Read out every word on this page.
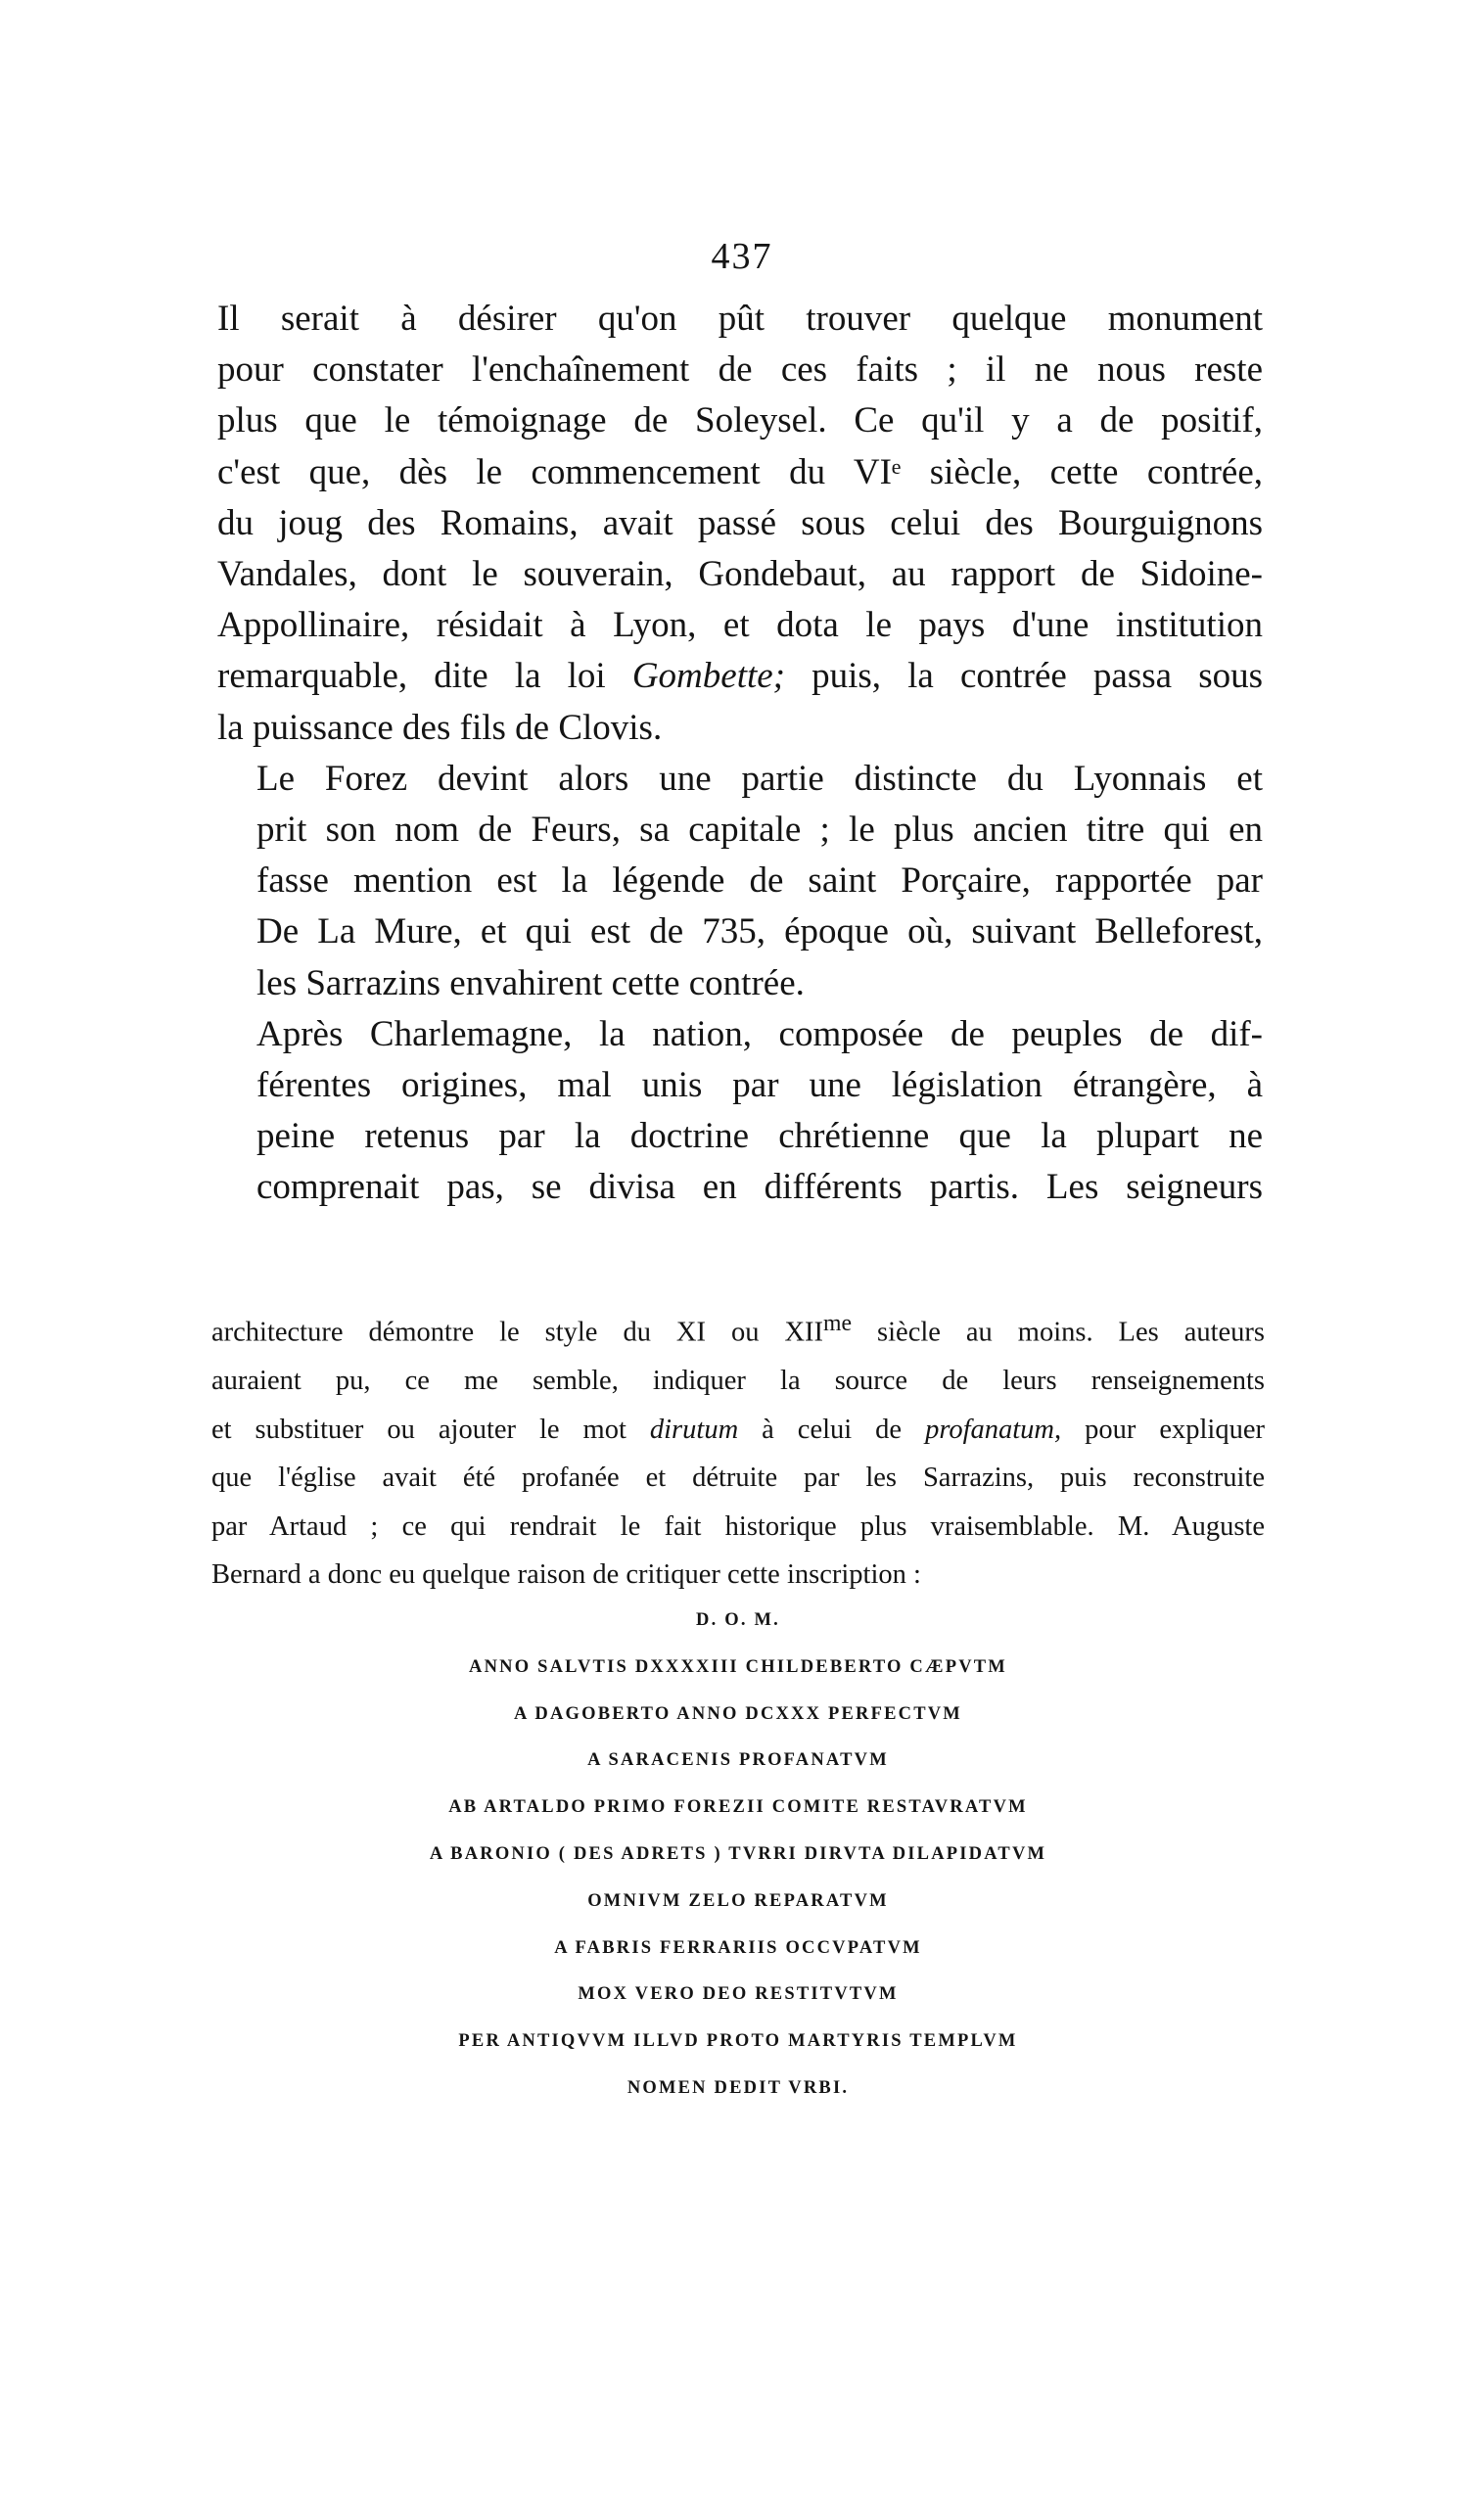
437

Il serait à désirer qu'on pût trouver quelque monument
pour constater l'enchaînement de ces faits ; il ne nous reste
plus que le témoignage de Soleysel. Ce qu'il y a de positif,
c'est que, dès le commencement du VIᵉ siècle, cette contrée,
du joug des Romains, avait passé sous celui des Bourguignons
Vandales, dont le souverain, Gondebaut, au rapport de Sidoine-
Appollinaire, résidait à Lyon, et dota le pays d'une institution
remarquable, dite la loi Gombette; puis, la contrée passa sous
la puissance des fils de Clovis.

Le Forez devint alors une partie distincte du Lyonnais et
prit son nom de Feurs, sa capitale ; le plus ancien titre qui en
fasse mention est la légende de saint Porçaire, rapportée par
De La Mure, et qui est de 735, époque où, suivant Belleforest,
les Sarrazins envahirent cette contrée.

Après Charlemagne, la nation, composée de peuples de dif-
férentes origines, mal unis par une législation étrangère, à
peine retenus par la doctrine chrétienne que la plupart ne
comprenait pas, se divisa en différents partis. Les seigneurs

architecture démontre le style du XI ou $XII^{me}$ siècle au moins. Les auteurs
auraient pu, ce me semble, indiquer la source de leurs renseignements
et substituer ou ajouter le mot dirutum à celui de profanatum, pour expliquer
que l'église avait été profanée et détruite par les Sarrazins, puis reconstruite
par Artaud ; ce qui rendrait le fait historique plus vraisemblable. M. Auguste
Bernard a donc eu quelque raison de critiquer cette inscription :
D. O. M.
ANNO SALVTIS DXXXXIII CHILDEBERTO CÆPVTM
A DAGOBERTO ANNO DCXXX PERFECTVM
A SARACENIS PROFANATVM
AB ARTALDO PRIMO FOREZII COMITE RESTAVRATVM
A BARONIO ( DES ADRETS ) TVRRI DIRVTA DILAPIDATVM
OMNIVM ZELO REPARATVM
A FABRIS FERRARIIS OCCVPATVM
MOX VERO DEO RESTITVTVM
PER ANTIQVVM ILLVD PROTO MARTYRIS TEMPLVM
NOMEN DEDIT VRBI.
